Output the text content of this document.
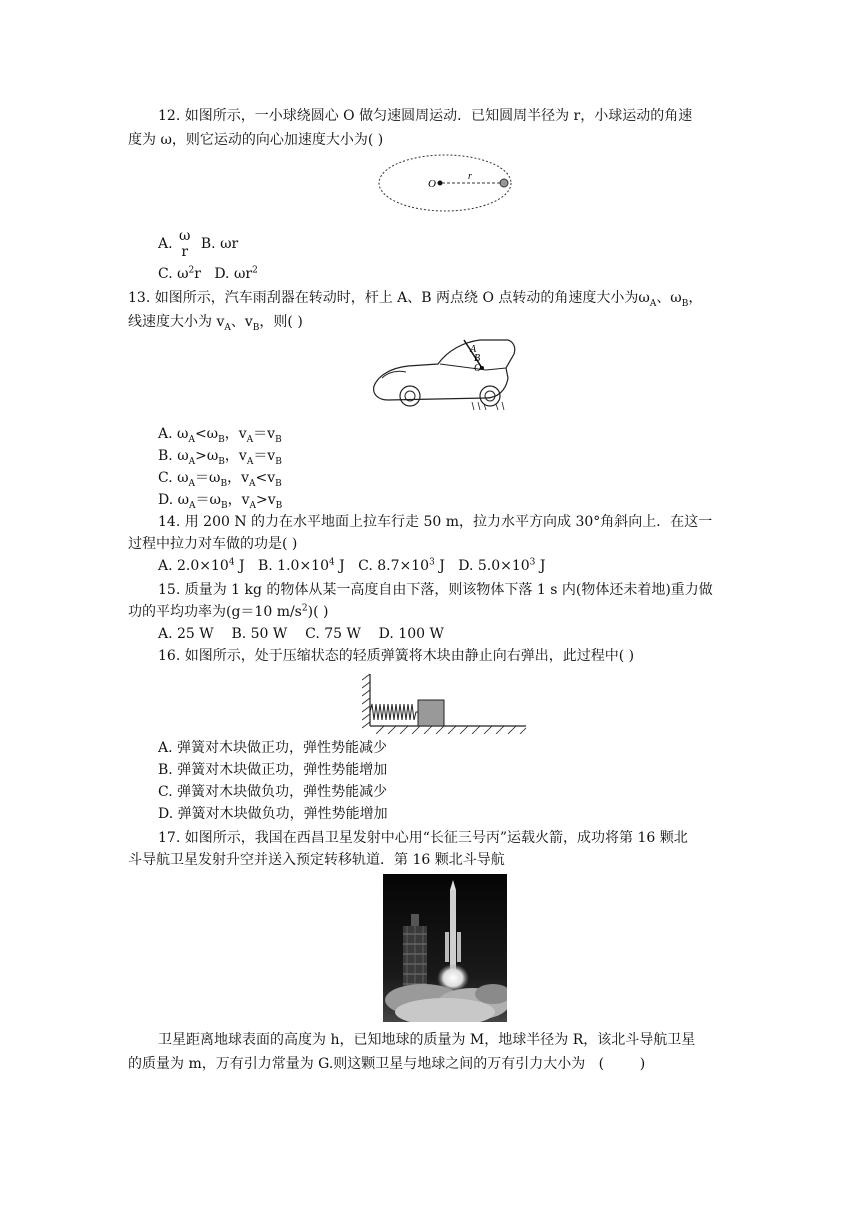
12. 如图所示，一小球绕圆心 O 做匀速圆周运动．已知圆周半径为 r，小球运动的角速
度为 ω，则它运动的向心加速度大小为( )
O
r
A. ω
r B. ωr
C. $\omega^2r$ D. $\omega r^2$
13. 如图所示，汽车雨刮器在转动时，杆上 A、B 两点绕 O 点转动的角速度大小为$\omega_A$、$\omega_B$，
线速度大小为 $v_A$、$v_B$，则( )
A
B
O
A. $\omega_A<\omega_B$，$v_A=v_B$
B. $\omega_A>\omega_B$，$v_A=v_B$
C. $\omega_A=\omega_B$，$v_A<v_B$
D. $\omega_A=\omega_B$，$v_A>v_B$
14. 用 200 N 的力在水平地面上拉车行走 50 m，拉力水平方向成 30°角斜向上．在这一
过程中拉力对车做的功是( )
A. $2.0\times 10^4$ J B. $1.0\times 10^4$ J C. $8.7\times 10^3$ J D. $5.0\times 10^3$ J
15. 质量为 1 kg 的物体从某一高度自由下落，则该物体下落 1 s 内(物体还未着地)重力做
功的平均功率为(g＝10 $m/s^2$)( )
A. 25 W    B. 50 W    C. 75 W    D. 100 W
16. 如图所示，处于压缩状态的轻质弹簧将木块由静止向右弹出，此过程中( )
A. 弹簧对木块做正功，弹性势能减少
B. 弹簧对木块做正功，弹性势能增加
C. 弹簧对木块做负功，弹性势能减少
D. 弹簧对木块做负功，弹性势能增加
17. 如图所示，我国在西昌卫星发射中心用“长征三号丙”运载火箭，成功将第 16 颗北
斗导航卫星发射升空并送入预定转移轨道．第 16 颗北斗导航
卫星距离地球表面的高度为 h，已知地球的质量为 M，地球半径为 R，该北斗导航卫星
的质量为 m，万有引力常量为 G.则这颗卫星与地球之间的万有引力大小为   (        )
